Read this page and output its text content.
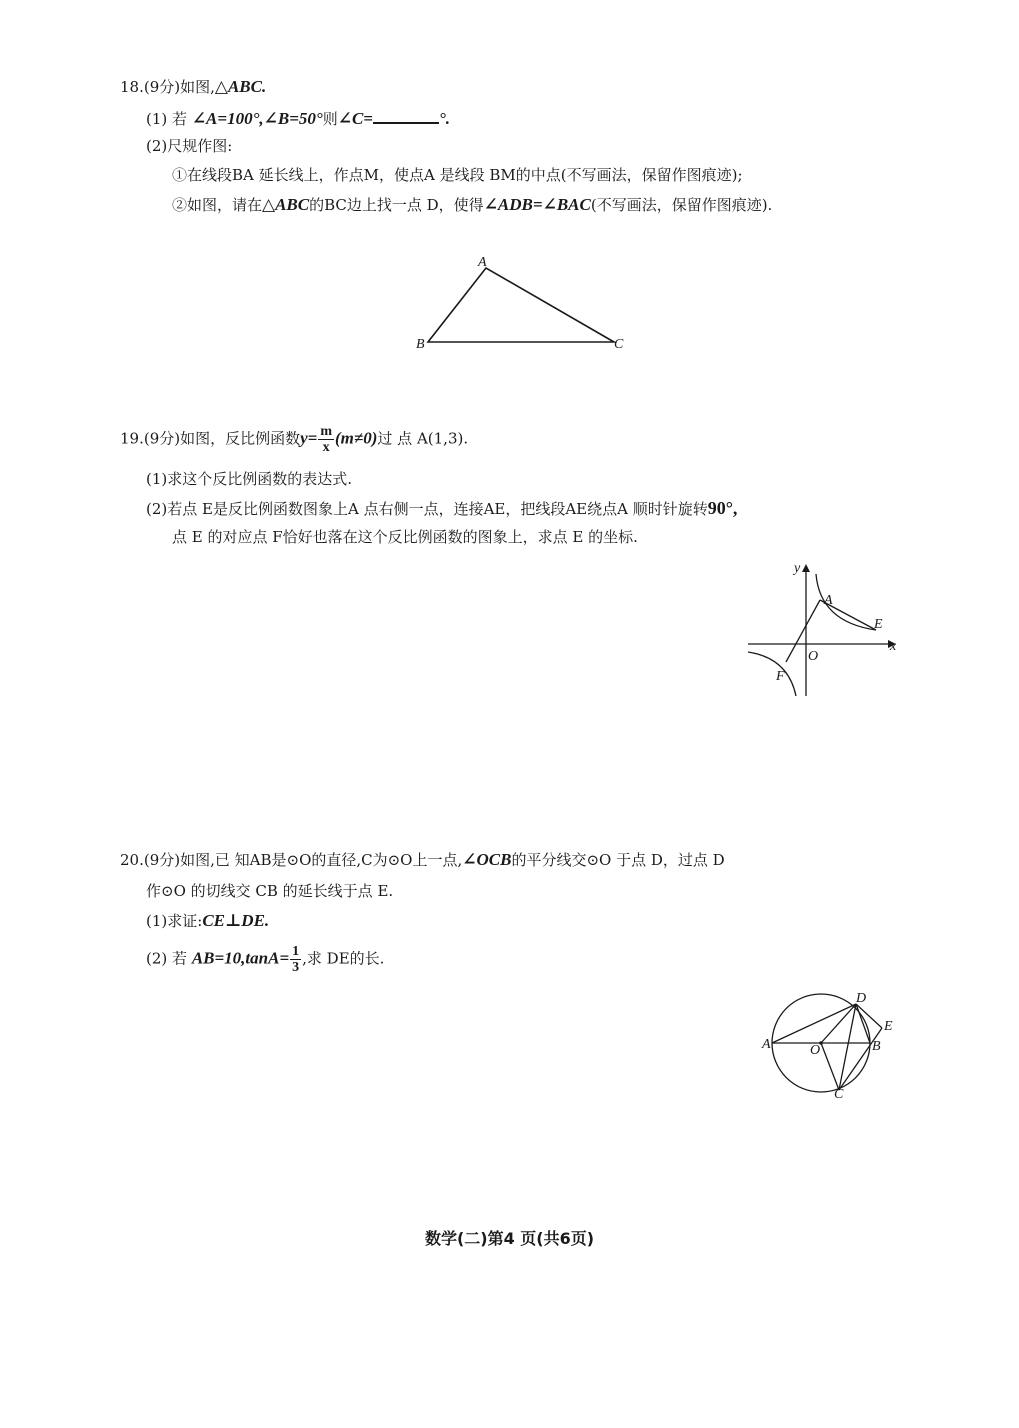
18.(9分)如图,△ABC.
(1) 若 ∠A=100°,∠B=50°则∠C=	°.
(2)尺规作图:
①在线段BA 延长线上，作点M，使点A 是线段 BM的中点(不写画法，保留作图痕迹);
②如图，请在△ABC的BC边上找一点 D，使得∠ADB=∠BAC(不写画法，保留作图痕迹).
A
B	C
19.(9分)如图，反比例函数$y= \frac{m}{x} (m\ne 0)$过 点 A(1,3).
(1)求这个反比例函数的表达式.
(2)若点 E是反比例函数图象上A 点右侧一点，连接AE，把线段AE绕点A 顺时针旋转90°,
点 E 的对应点 F恰好也落在这个反比例函数的图象上，求点 E 的坐标.
y
x
A
E
O
F
20.(9分)如图,已 知AB是⊙O的直径,C为⊙O上一点,∠OCB的平分线交⊙O 于点 D，过点 D
作⊙O 的切线交 CB 的延长线于点 E.
(1)求证:CE⊥DE.
(2) 若 $AB=10,\tan A= \frac{1}{3}$ ,求 DE的长.
A	O	B
C
D
E
数学(二)第4 页(共6页)
